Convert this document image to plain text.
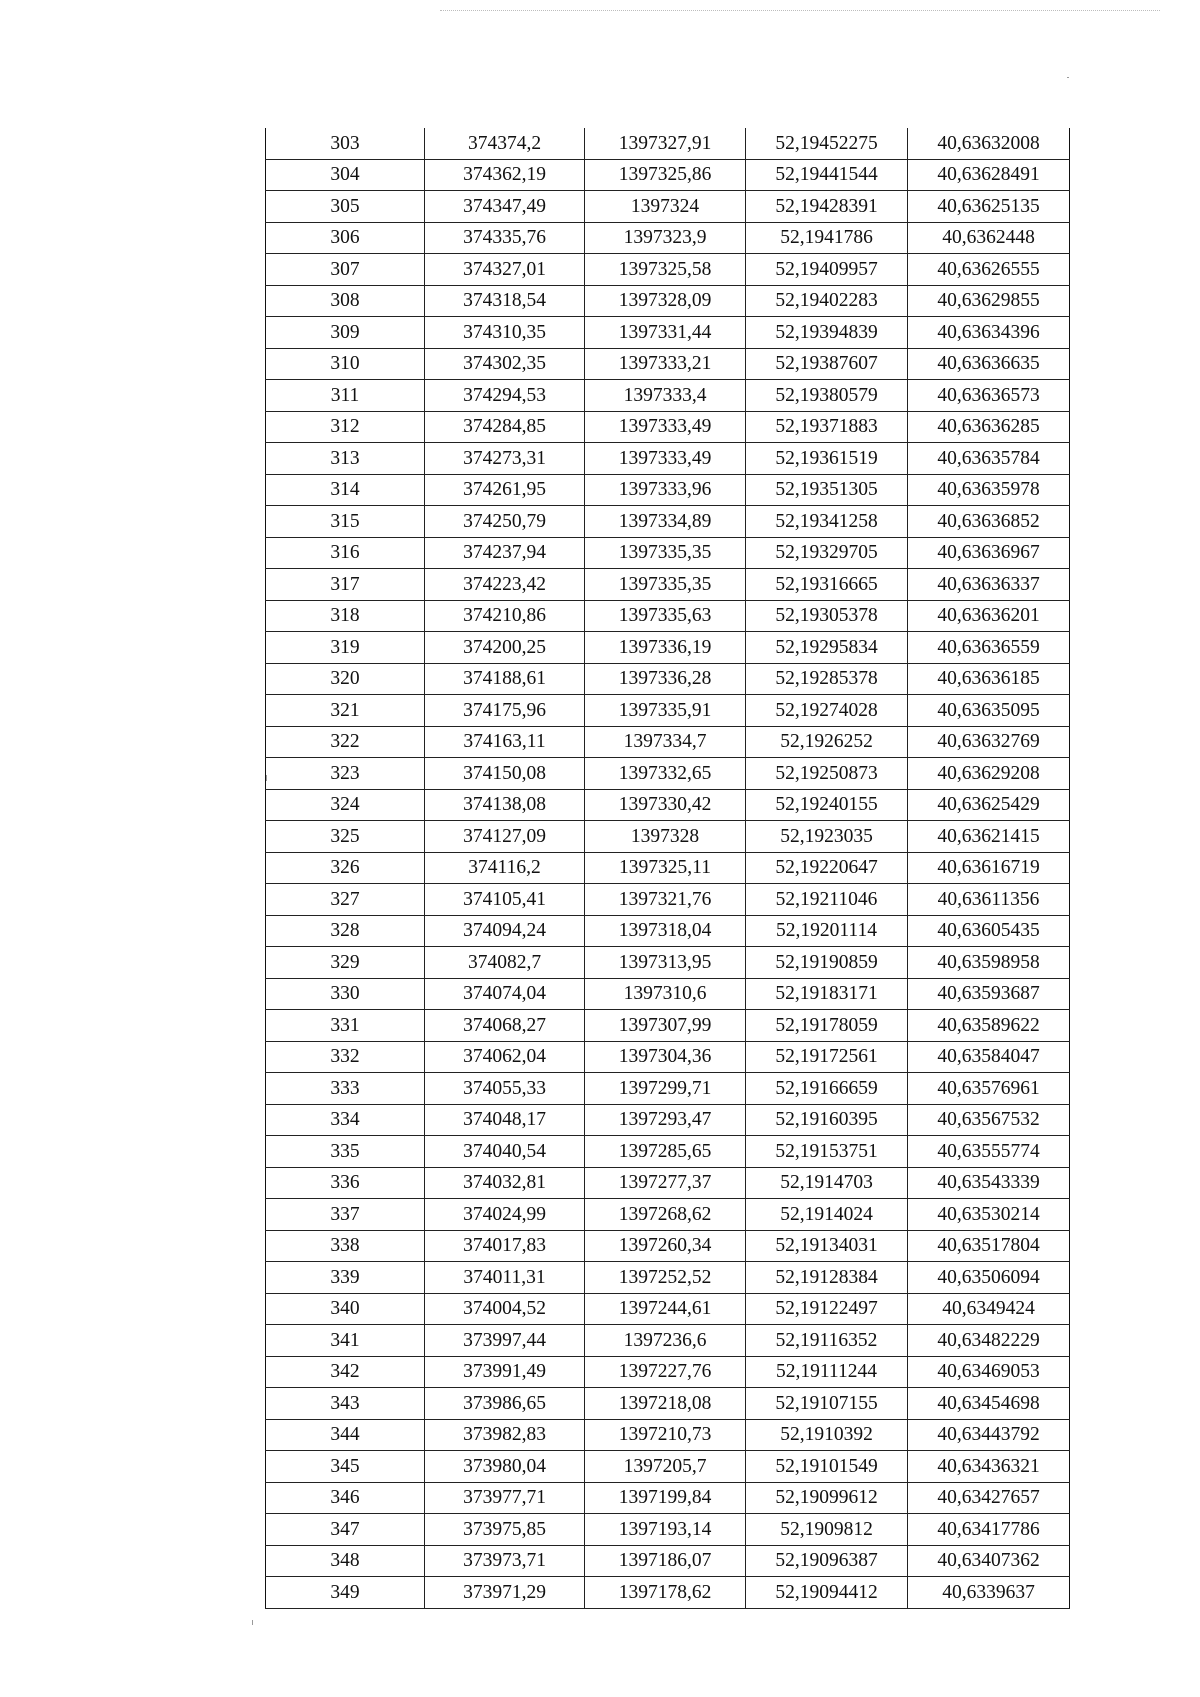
303	374374,2	1397327,91	52,19452275	40,63632008
304	374362,19	1397325,86	52,19441544	40,63628491
305	374347,49	1397324	52,19428391	40,63625135
306	374335,76	1397323,9	52,1941786	40,6362448
307	374327,01	1397325,58	52,19409957	40,63626555
308	374318,54	1397328,09	52,19402283	40,63629855
309	374310,35	1397331,44	52,19394839	40,63634396
310	374302,35	1397333,21	52,19387607	40,63636635
311	374294,53	1397333,4	52,19380579	40,63636573
312	374284,85	1397333,49	52,19371883	40,63636285
313	374273,31	1397333,49	52,19361519	40,63635784
314	374261,95	1397333,96	52,19351305	40,63635978
315	374250,79	1397334,89	52,19341258	40,63636852
316	374237,94	1397335,35	52,19329705	40,63636967
317	374223,42	1397335,35	52,19316665	40,63636337
318	374210,86	1397335,63	52,19305378	40,63636201
319	374200,25	1397336,19	52,19295834	40,63636559
320	374188,61	1397336,28	52,19285378	40,63636185
321	374175,96	1397335,91	52,19274028	40,63635095
322	374163,11	1397334,7	52,1926252	40,63632769
323	374150,08	1397332,65	52,19250873	40,63629208
324	374138,08	1397330,42	52,19240155	40,63625429
325	374127,09	1397328	52,1923035	40,63621415
326	374116,2	1397325,11	52,19220647	40,63616719
327	374105,41	1397321,76	52,19211046	40,63611356
328	374094,24	1397318,04	52,19201114	40,63605435
329	374082,7	1397313,95	52,19190859	40,63598958
330	374074,04	1397310,6	52,19183171	40,63593687
331	374068,27	1397307,99	52,19178059	40,63589622
332	374062,04	1397304,36	52,19172561	40,63584047
333	374055,33	1397299,71	52,19166659	40,63576961
334	374048,17	1397293,47	52,19160395	40,63567532
335	374040,54	1397285,65	52,19153751	40,63555774
336	374032,81	1397277,37	52,1914703	40,63543339
337	374024,99	1397268,62	52,1914024	40,63530214
338	374017,83	1397260,34	52,19134031	40,63517804
339	374011,31	1397252,52	52,19128384	40,63506094
340	374004,52	1397244,61	52,19122497	40,6349424
341	373997,44	1397236,6	52,19116352	40,63482229
342	373991,49	1397227,76	52,19111244	40,63469053
343	373986,65	1397218,08	52,19107155	40,63454698
344	373982,83	1397210,73	52,1910392	40,63443792
345	373980,04	1397205,7	52,19101549	40,63436321
346	373977,71	1397199,84	52,19099612	40,63427657
347	373975,85	1397193,14	52,1909812	40,63417786
348	373973,71	1397186,07	52,19096387	40,63407362
349	373971,29	1397178,62	52,19094412	40,6339637
